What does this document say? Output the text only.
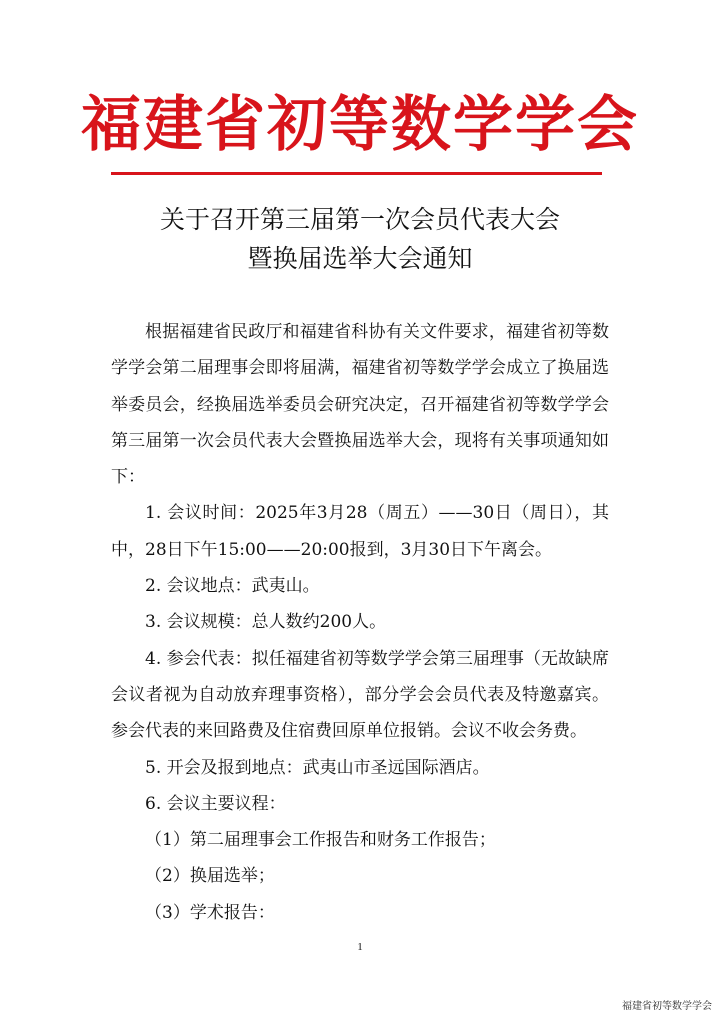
福建省初等数学学会
关于召开第三届第一次会员代表大会
暨换届选举大会通知

根据福建省民政厅和福建省科协有关文件要求，福建省初等数学学会第二届理事会即将届满，福建省初等数学学会成立了换届选举委员会，经换届选举委员会研究决定，召开福建省初等数学学会第三届第一次会员代表大会暨换届选举大会，现将有关事项通知如下：

1. 会议时间：2025年3月28（周五）——30日（周日），其中，28日下午15:00——20:00报到，3月30日下午离会。

2. 会议地点：武夷山。

3. 会议规模：总人数约200人。

4. 参会代表：拟任福建省初等数学学会第三届理事（无故缺席会议者视为自动放弃理事资格），部分学会会员代表及特邀嘉宾。参会代表的来回路费及住宿费回原单位报销。会议不收会务费。

5. 开会及报到地点：武夷山市圣远国际酒店。

6. 会议主要议程：

（1）第二届理事会工作报告和财务工作报告；

（2）换届选举；

（3）学术报告：

1
福建省初等数学学会
